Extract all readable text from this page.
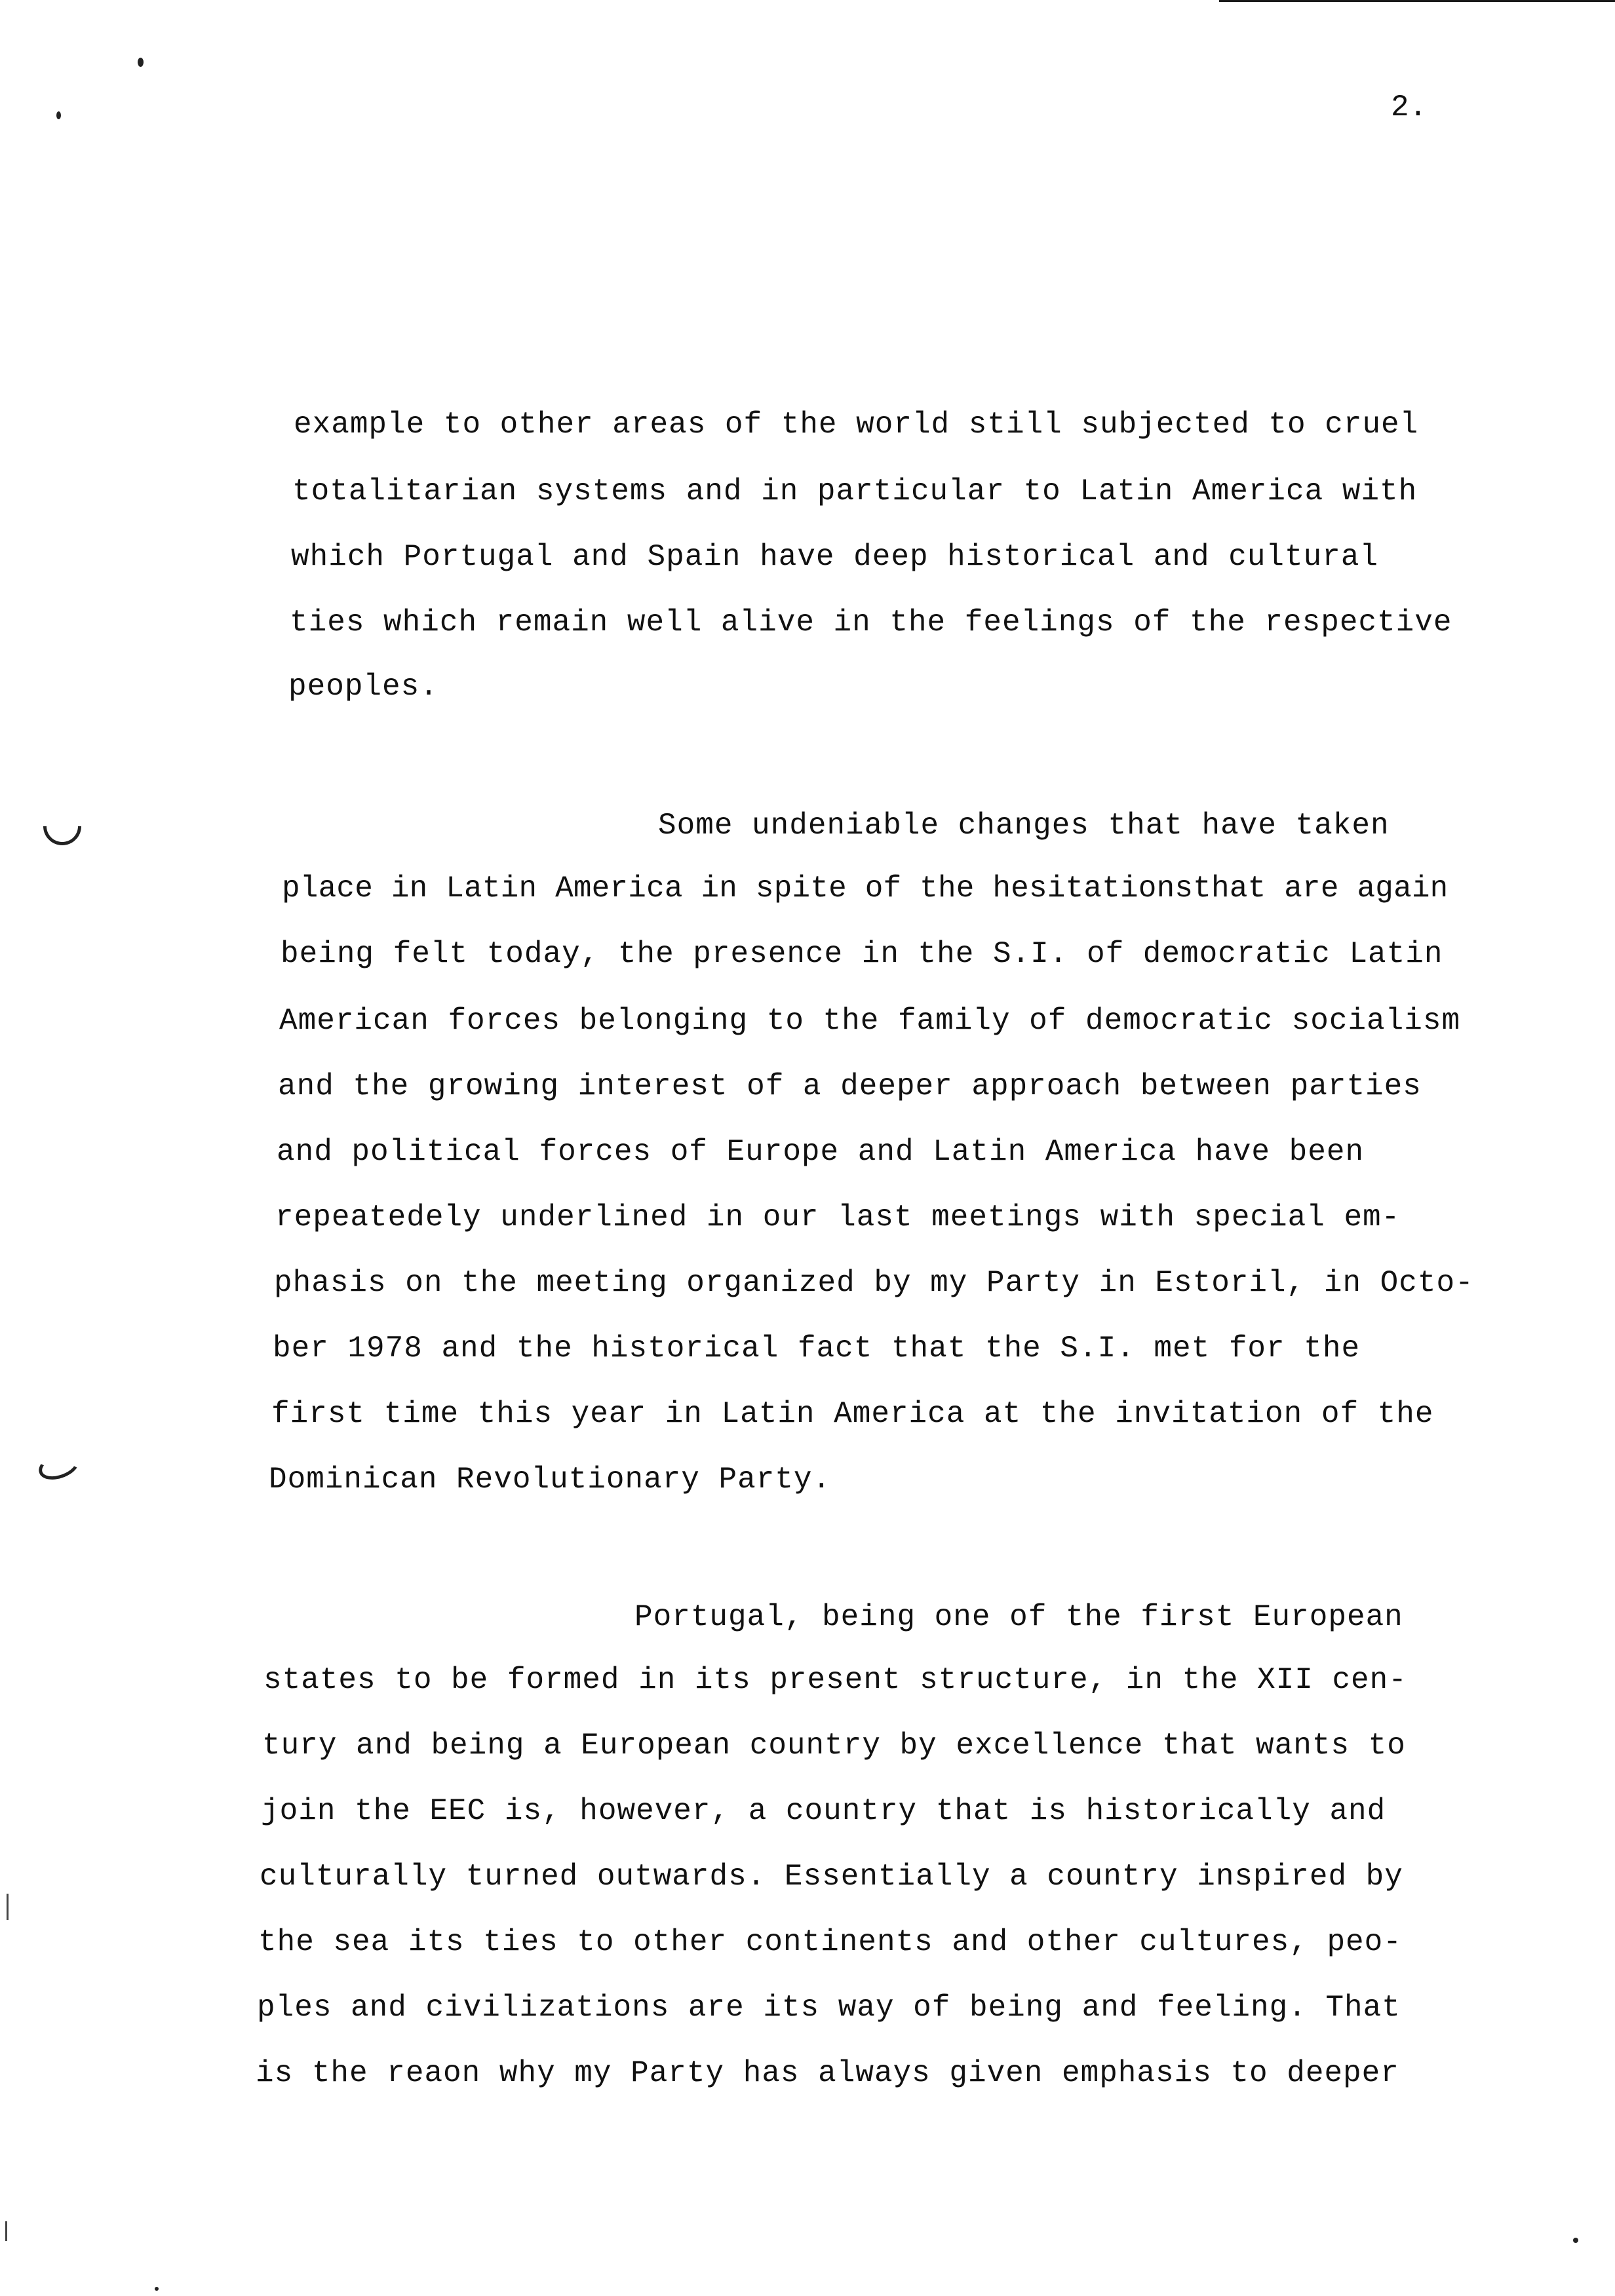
2.
example to other areas of the world still subjected to cruel
totalitarian systems and in particular to Latin America with
which Portugal and Spain have deep historical and cultural
ties which remain well alive in the feelings of the respective
peoples.
Some undeniable changes that have taken
place in Latin America in spite of the hesitationsthat are again
being felt today, the presence in the S.I. of democratic Latin
American forces belonging to the family of democratic socialism
and the growing interest of a deeper approach between parties
and political forces of Europe and Latin America have been
repeatedely underlined in our last meetings with special em-
phasis on the meeting organized by my Party in Estoril, in Octo-
ber 1978 and the historical fact that the S.I. met for the
first time this year in Latin America at the invitation of the
Dominican Revolutionary Party.
Portugal, being one of the first European
states to be formed in its present structure, in the XII cen-
tury and being a European country by excellence that wants to
join the EEC is, however, a country that is historically and
culturally turned outwards. Essentially a country inspired by
the sea its ties to other continents and other cultures, peo-
ples and civilizations are its way of being and feeling. That
is the reaon why my Party has always given emphasis to deeper
